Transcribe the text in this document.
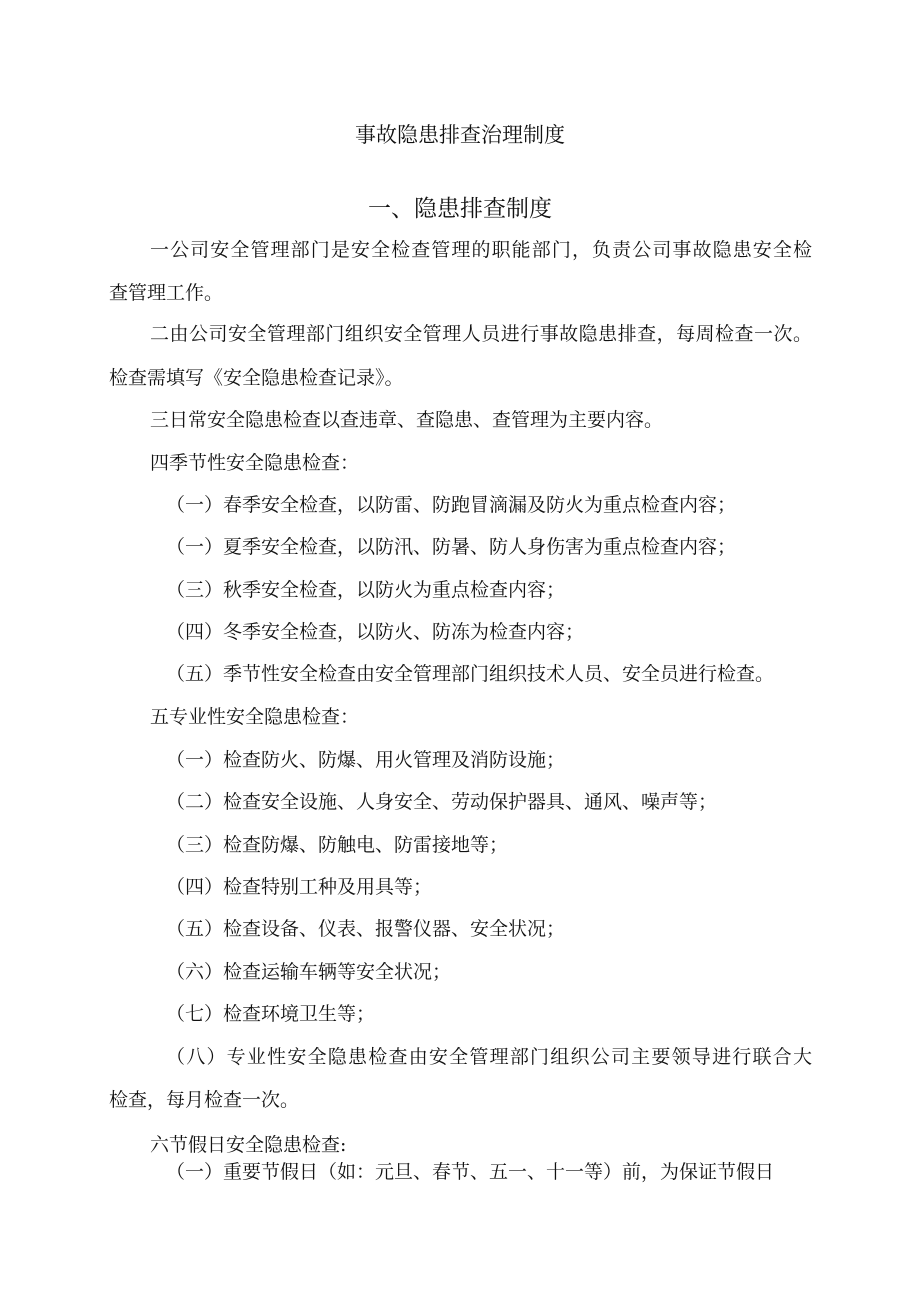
事故隐患排查治理制度
一、隐患排查制度
一公司安全管理部门是安全检查管理的职能部门，负责公司事故隐患安全检
查管理工作。
二由公司安全管理部门组织安全管理人员进行事故隐患排查，每周检查一次。
检查需填写《安全隐患检查记录》。
三日常安全隐患检查以查违章、查隐患、查管理为主要内容。
四季节性安全隐患检查：
（一）春季安全检查，以防雷、防跑冒滴漏及防火为重点检查内容；
（一）夏季安全检查，以防汛、防暑、防人身伤害为重点检查内容；
（三）秋季安全检查，以防火为重点检查内容；
（四）冬季安全检查，以防火、防冻为检查内容；
（五）季节性安全检查由安全管理部门组织技术人员、安全员进行检查。
五专业性安全隐患检查：
（一）检查防火、防爆、用火管理及消防设施；
（二）检查安全设施、人身安全、劳动保护器具、通风、噪声等；
（三）检查防爆、防触电、防雷接地等；
（四）检查特别工种及用具等；
（五）检查设备、仪表、报警仪器、安全状况；
（六）检查运输车辆等安全状况；
（七）检查环境卫生等；
（八）专业性安全隐患检查由安全管理部门组织公司主要领导进行联合大
检查，每月检查一次。
六节假日安全隐患检查:
（一）重要节假日（如：元旦、春节、五一、十一等）前，为保证节假日
